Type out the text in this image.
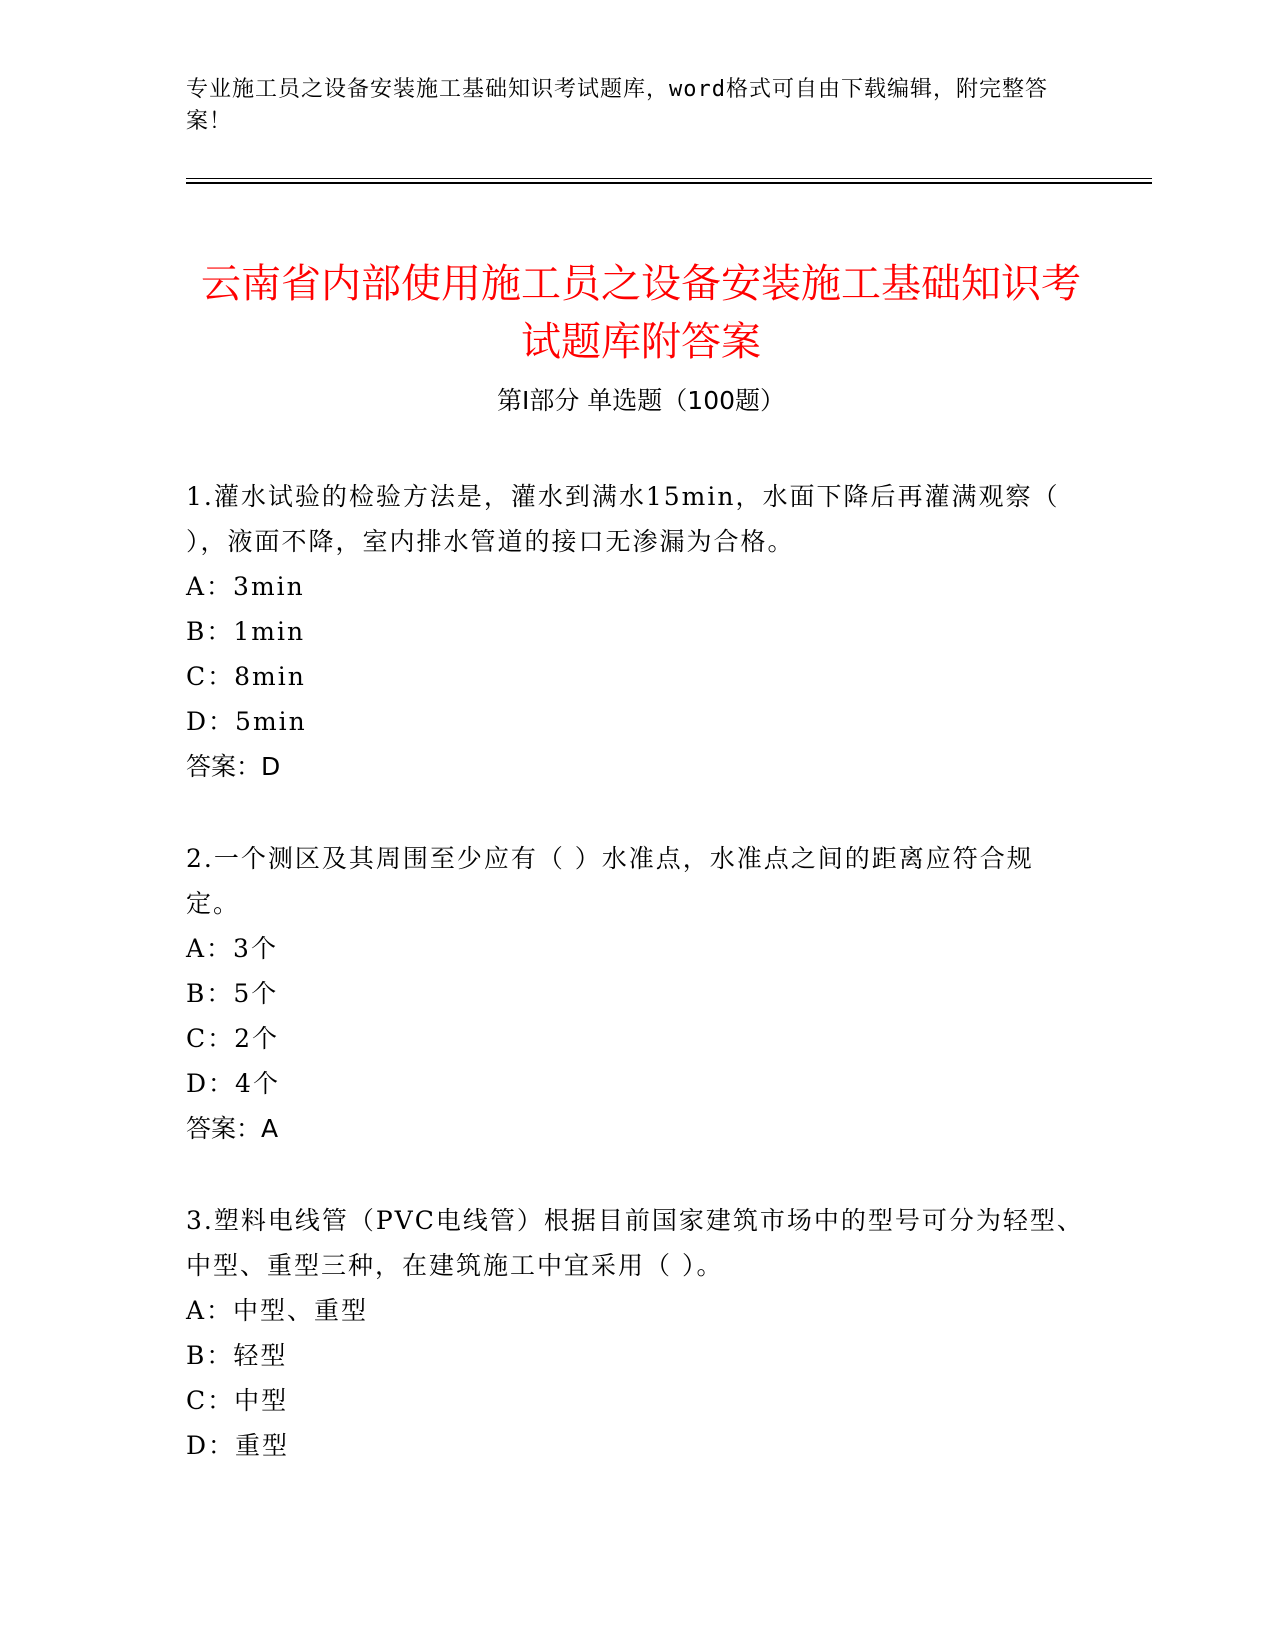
专业施工员之设备安装施工基础知识考试题库，word格式可自由下载编辑，附完整答案！
云南省内部使用施工员之设备安装施工基础知识考试题库附答案
第Ⅰ部分 单选题（100题）

1.灌水试验的检验方法是，灌水到满水15min，水面下降后再灌满观察（ ），液面不降，室内排水管道的接口无渗漏为合格。

A：3min

B：1min

C：8min

D：5min

答案：D

2.一个测区及其周围至少应有（ ）水准点，水准点之间的距离应符合规定。

A：3个

B：5个

C：2个

D：4个

答案：A

3.塑料电线管（PVC电线管）根据目前国家建筑市场中的型号可分为轻型、中型、重型三种，在建筑施工中宜采用（ ）。

A：中型、重型

B：轻型

C：中型

D：重型
